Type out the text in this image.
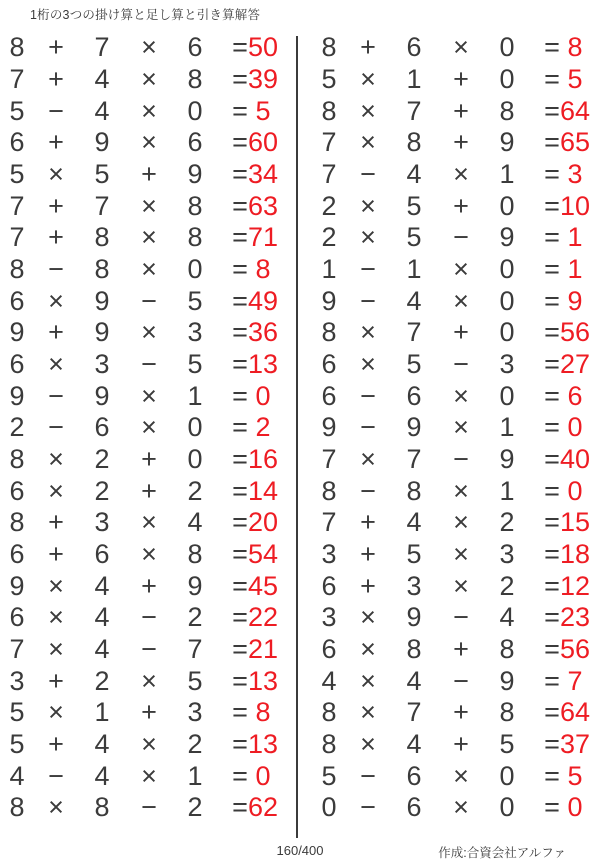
1桁の3つの掛け算と足し算と引き算解答
8 +	7	×	6	= 50
7 +	4	×	8	= 39
5 −	4	×	0	= 5
6 +	9	×	6	= 60
5 ×	5	+	9	= 34
7 +	7	×	8	= 63
7 +	8	×	8	= 71
8 −	8	×	0	= 8
6 ×	9	−	5	= 49
9 +	9	×	3	= 36
6 ×	3	−	5	= 13
9 −	9	×	1	= 0
2 −	6	×	0	= 2
8 ×	2	+	0	= 16
6 ×	2	+	2	= 14
8 +	3	×	4	= 20
6 +	6	×	8	= 54
9 ×	4	+	9	= 45
6 ×	4	−	2	= 22
7 ×	4	−	7	= 21
3 +	2	×	5	= 13
5 ×	1	+	3	= 8
5 +	4	×	2	= 13
4 −	4	×	1	= 0
8 ×	8	−	2	= 62
8 +	6	×	0	= 8
5 ×	1	+	0	= 5
8 ×	7	+	8	= 64
7 ×	8	+	9	= 65
7 −	4	×	1	= 3
2 ×	5	+	0	= 10
2 ×	5	−	9	= 1
1 −	1	×	0	= 1
9 −	4	×	0	= 9
8 ×	7	+	0	= 56
6 ×	5	−	3	= 27
6 −	6	×	0	= 6
9 −	9	×	1	= 0
7 ×	7	−	9	= 40
8 −	8	×	1	= 0
7 +	4	×	2	= 15
3 +	5	×	3	= 18
6 +	3	×	2	= 12
3 ×	9	−	4	= 23
6 ×	8	+	8	= 56
4 ×	4	−	9	= 7
8 ×	7	+	8	= 64
8 ×	4	+	5	= 37
5 −	6	×	0	= 5
0 −	6	×	0	= 0
160/400	作成:合資会社アルファ
